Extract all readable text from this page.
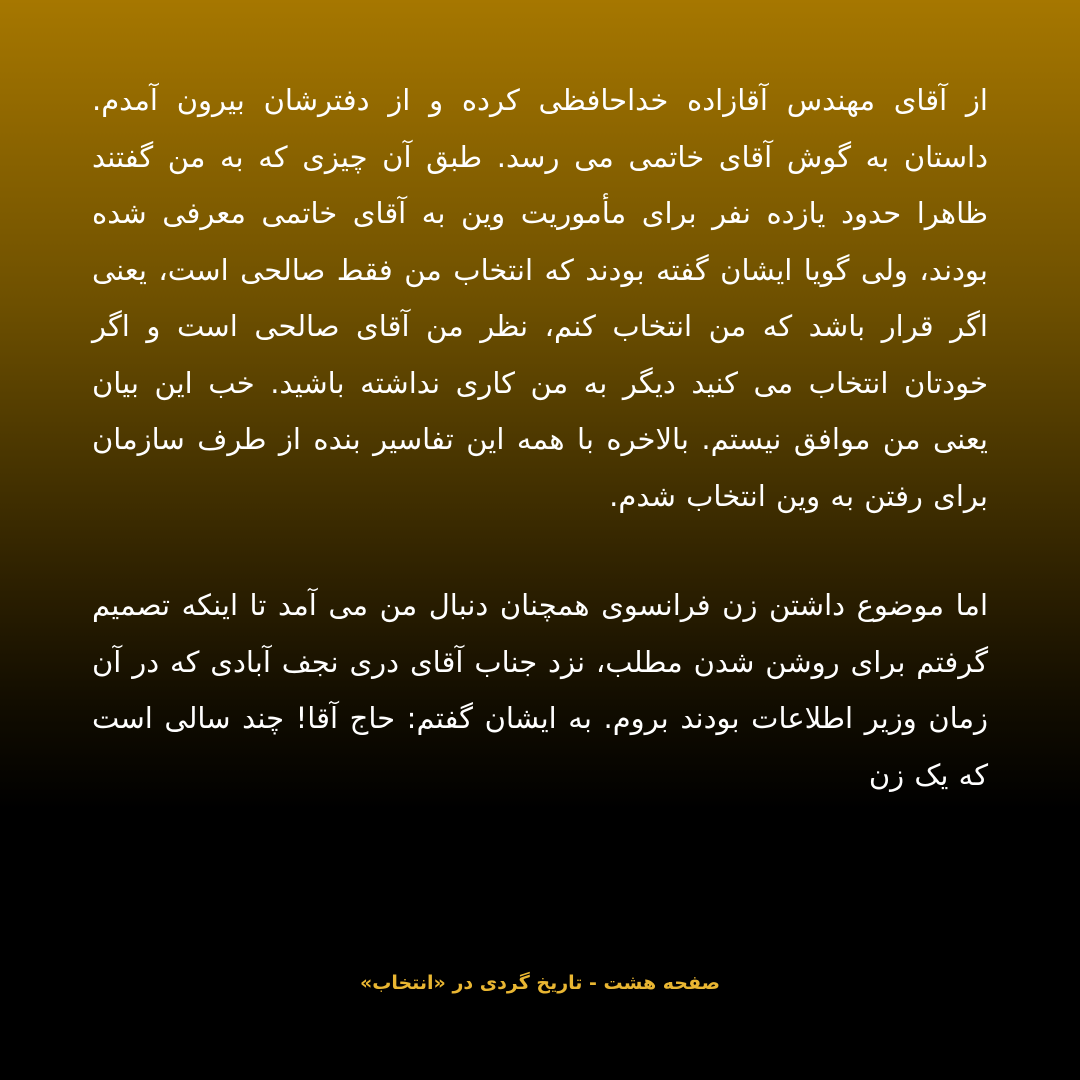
از آقای مهندس آقازاده خداحافظی کرده و از دفترشان بیرون آمدم. داستان به گوش آقای خاتمی می رسد. طبق آن چیزی که به من گفتند ظاهرا حدود یازده نفر برای مأموریت وین به آقای خاتمی معرفی شده بودند، ولی گویا ایشان گفته بودند که انتخاب من فقط صالحی است، یعنی اگر قرار باشد که من انتخاب کنم، نظر من آقای صالحی است و اگر خودتان انتخاب می کنید دیگر به من کاری نداشته باشید. خب این بیان یعنی من موافق نیستم. بالاخره با همه این تفاسیر بنده از طرف سازمان برای رفتن به وین انتخاب شدم.

اما موضوع داشتن زن فرانسوی همچنان دنبال من می آمد تا اینکه تصمیم گرفتم برای روشن شدن مطلب، نزد جناب آقای دری نجف آبادی که در آن زمان وزیر اطلاعات بودند بروم. به ایشان گفتم: حاج آقا! چند سالی است که یک زن

صفحه هشت - تاریخ گردی در «انتخاب»
